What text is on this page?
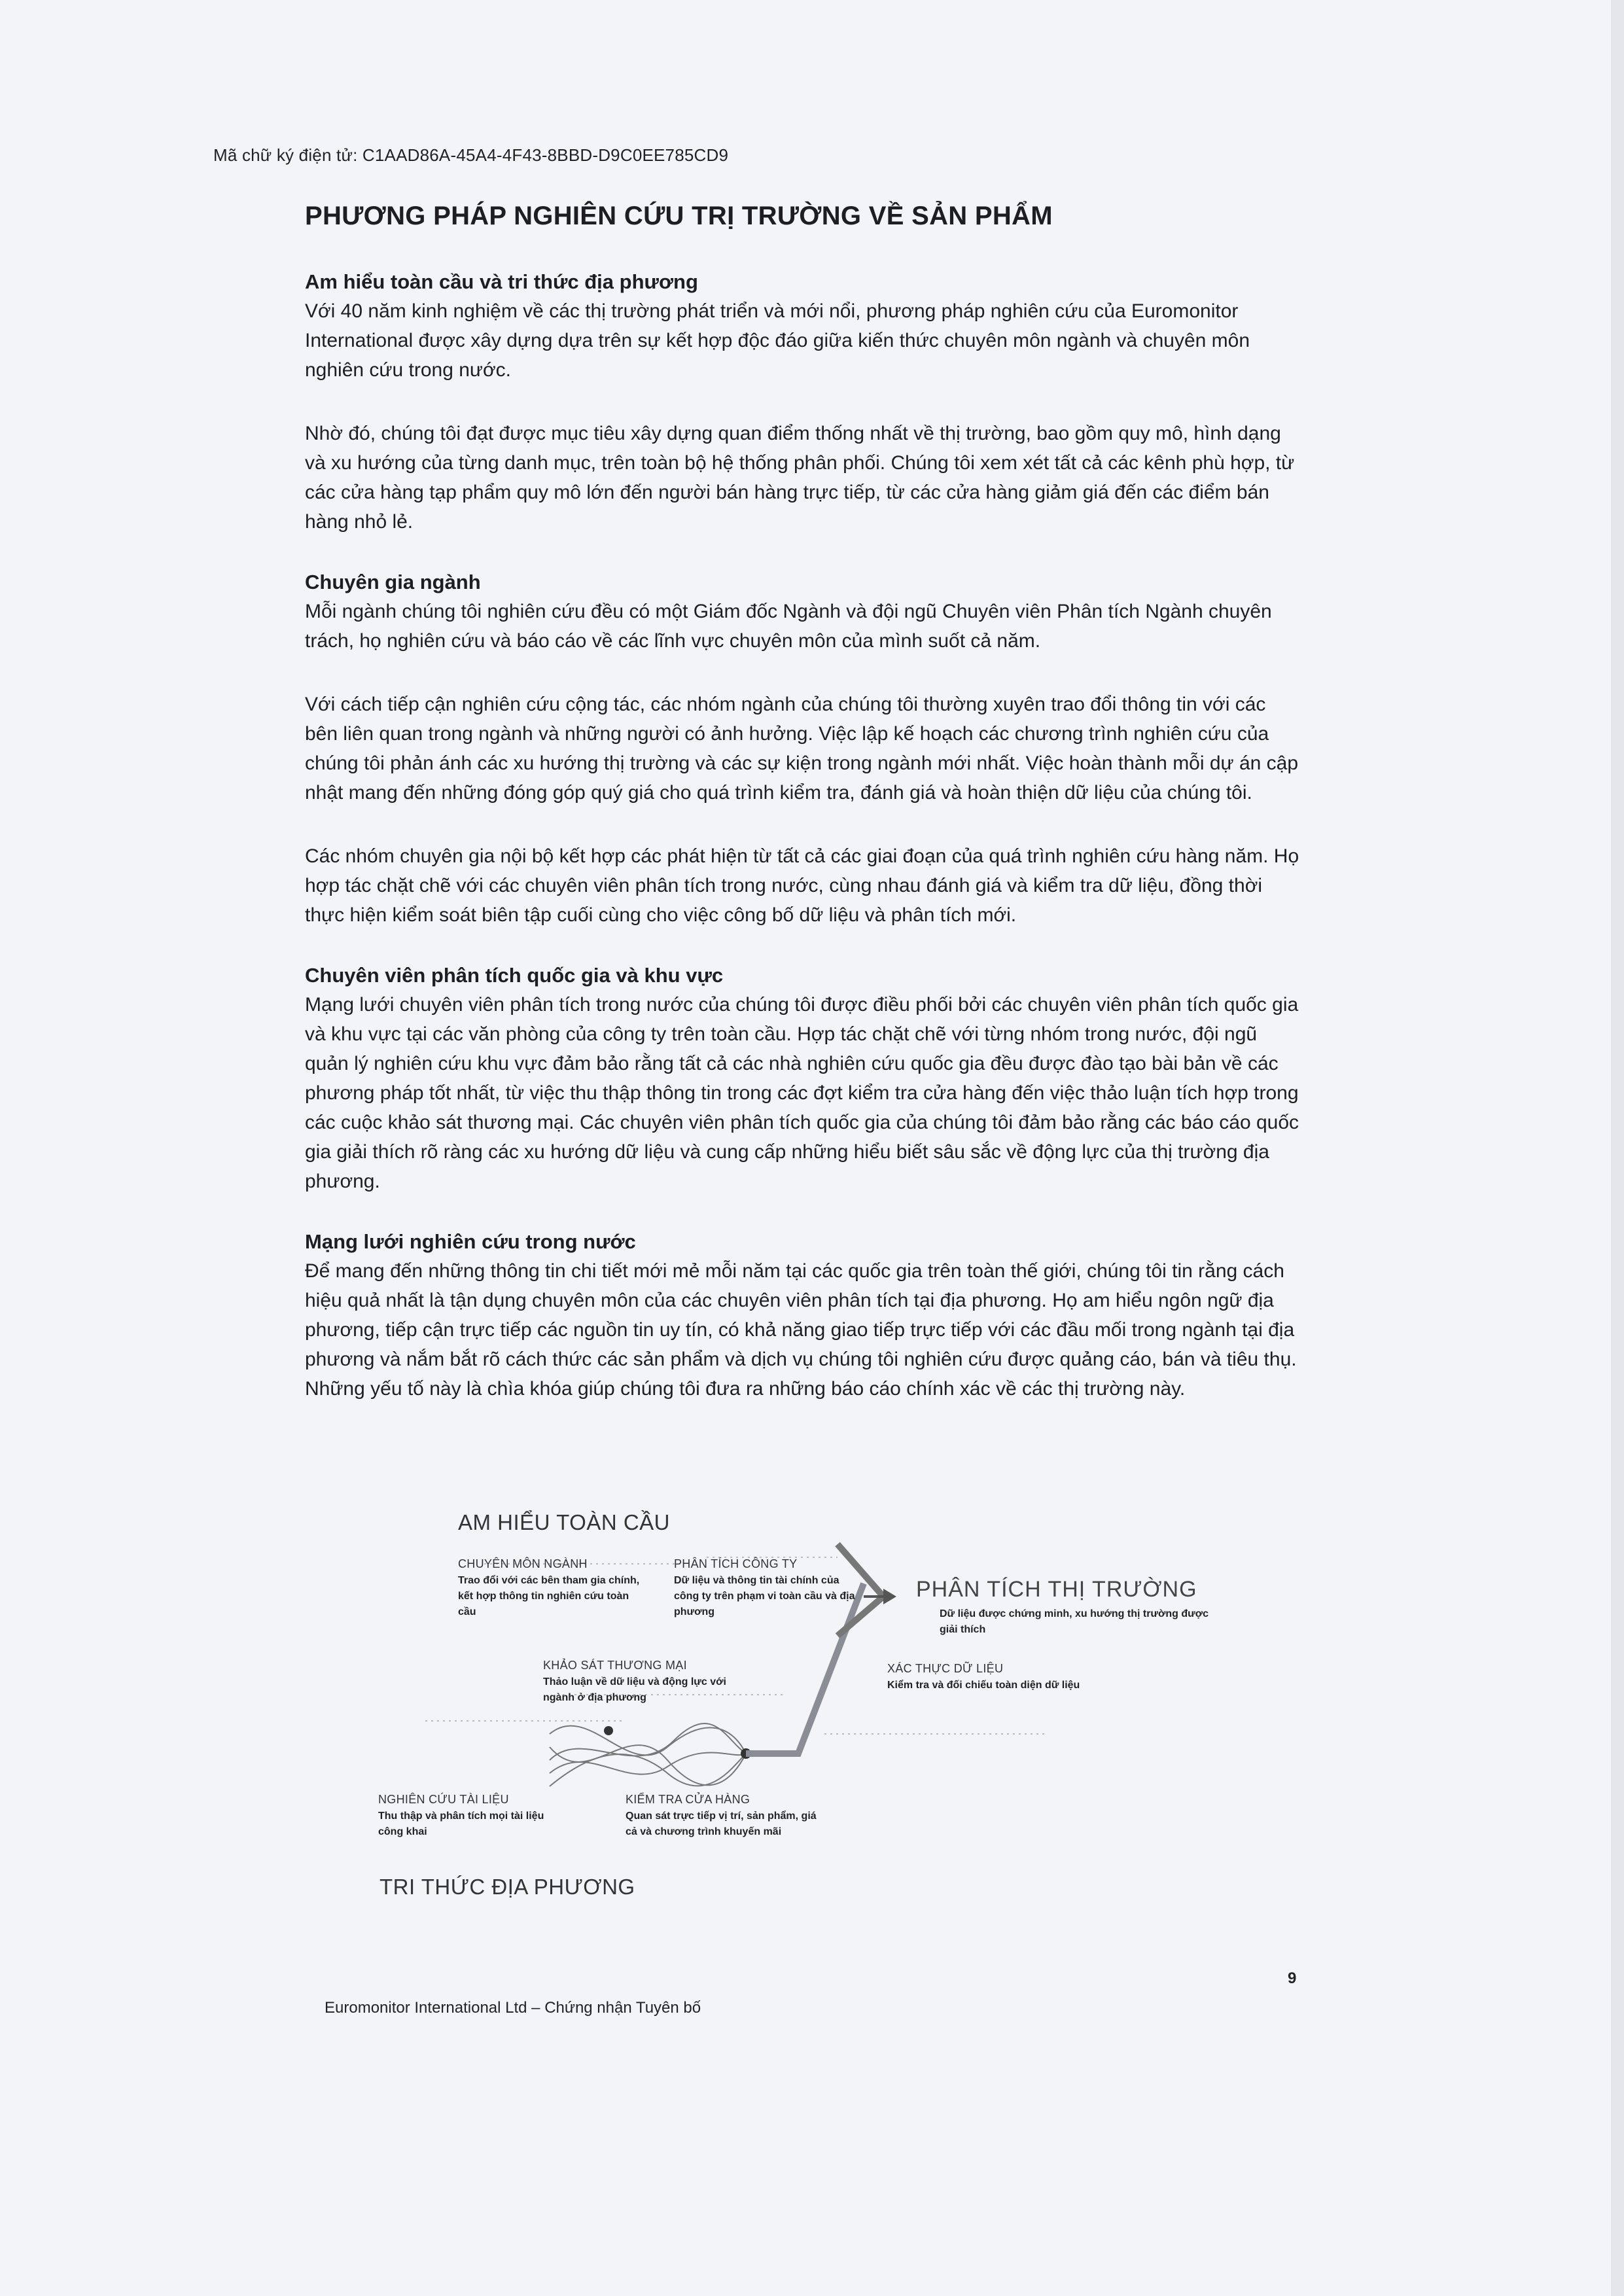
Mã chữ ký điện tử: C1AAD86A-45A4-4F43-8BBD-D9C0EE785CD9
PHƯƠNG PHÁP NGHIÊN CỨU TRỊ TRƯỜNG VỀ SẢN PHẨM
Am hiểu toàn cầu và tri thức địa phương

Với 40 năm kinh nghiệm về các thị trường phát triển và mới nổi, phương pháp nghiên cứu của Euromonitor International được xây dựng dựa trên sự kết hợp độc đáo giữa kiến thức chuyên môn ngành và chuyên môn nghiên cứu trong nước.

Nhờ đó, chúng tôi đạt được mục tiêu xây dựng quan điểm thống nhất về thị trường, bao gồm quy mô, hình dạng và xu hướng của từng danh mục, trên toàn bộ hệ thống phân phối. Chúng tôi xem xét tất cả các kênh phù hợp, từ các cửa hàng tạp phẩm quy mô lớn đến người bán hàng trực tiếp, từ các cửa hàng giảm giá đến các điểm bán hàng nhỏ lẻ.

Chuyên gia ngành

Mỗi ngành chúng tôi nghiên cứu đều có một Giám đốc Ngành và đội ngũ Chuyên viên Phân tích Ngành chuyên trách, họ nghiên cứu và báo cáo về các lĩnh vực chuyên môn của mình suốt cả năm.

Với cách tiếp cận nghiên cứu cộng tác, các nhóm ngành của chúng tôi thường xuyên trao đổi thông tin với các bên liên quan trong ngành và những người có ảnh hưởng. Việc lập kế hoạch các chương trình nghiên cứu của chúng tôi phản ánh các xu hướng thị trường và các sự kiện trong ngành mới nhất. Việc hoàn thành mỗi dự án cập nhật mang đến những đóng góp quý giá cho quá trình kiểm tra, đánh giá và hoàn thiện dữ liệu của chúng tôi.

Các nhóm chuyên gia nội bộ kết hợp các phát hiện từ tất cả các giai đoạn của quá trình nghiên cứu hàng năm. Họ hợp tác chặt chẽ với các chuyên viên phân tích trong nước, cùng nhau đánh giá và kiểm tra dữ liệu, đồng thời thực hiện kiểm soát biên tập cuối cùng cho việc công bố dữ liệu và phân tích mới.

Chuyên viên phân tích quốc gia và khu vực

Mạng lưới chuyên viên phân tích trong nước của chúng tôi được điều phối bởi các chuyên viên phân tích quốc gia và khu vực tại các văn phòng của công ty trên toàn cầu. Hợp tác chặt chẽ với từng nhóm trong nước, đội ngũ quản lý nghiên cứu khu vực đảm bảo rằng tất cả các nhà nghiên cứu quốc gia đều được đào tạo bài bản về các phương pháp tốt nhất, từ việc thu thập thông tin trong các đợt kiểm tra cửa hàng đến việc thảo luận tích hợp trong các cuộc khảo sát thương mại. Các chuyên viên phân tích quốc gia của chúng tôi đảm bảo rằng các báo cáo quốc gia giải thích rõ ràng các xu hướng dữ liệu và cung cấp những hiểu biết sâu sắc về động lực của thị trường địa phương.

Mạng lưới nghiên cứu trong nước

Để mang đến những thông tin chi tiết mới mẻ mỗi năm tại các quốc gia trên toàn thế giới, chúng tôi tin rằng cách hiệu quả nhất là tận dụng chuyên môn của các chuyên viên phân tích tại địa phương. Họ am hiểu ngôn ngữ địa phương, tiếp cận trực tiếp các nguồn tin uy tín, có khả năng giao tiếp trực tiếp với các đầu mối trong ngành tại địa phương và nắm bắt rõ cách thức các sản phẩm và dịch vụ chúng tôi nghiên cứu được quảng cáo, bán và tiêu thụ. Những yếu tố này là chìa khóa giúp chúng tôi đưa ra những báo cáo chính xác về các thị trường này.

AM HIỂU TOÀN CẦU
PHÂN TÍCH THỊ TRƯỜNG
Dữ liệu được chứng minh, xu hướng thị trường được giải thích
TRI THỨC ĐỊA PHƯƠNG
CHUYÊN MÔN NGÀNH
Trao đổi với các bên tham gia chính, kết hợp thông tin nghiên cứu toàn cầu
PHÂN TÍCH CÔNG TY
Dữ liệu và thông tin tài chính của công ty trên phạm vi toàn cầu và địa phương
KHẢO SÁT THƯƠNG MẠI
Thảo luận về dữ liệu và động lực với ngành ở địa phương
XÁC THỰC DỮ LIỆU
Kiểm tra và đối chiếu toàn diện dữ liệu
NGHIÊN CỨU TÀI LIỆU
Thu thập và phân tích mọi tài liệu công khai
KIỂM TRA CỬA HÀNG
Quan sát trực tiếp vị trí, sản phẩm, giá cả và chương trình khuyến mãi
9
Euromonitor International Ltd – Chứng nhận Tuyên bố
